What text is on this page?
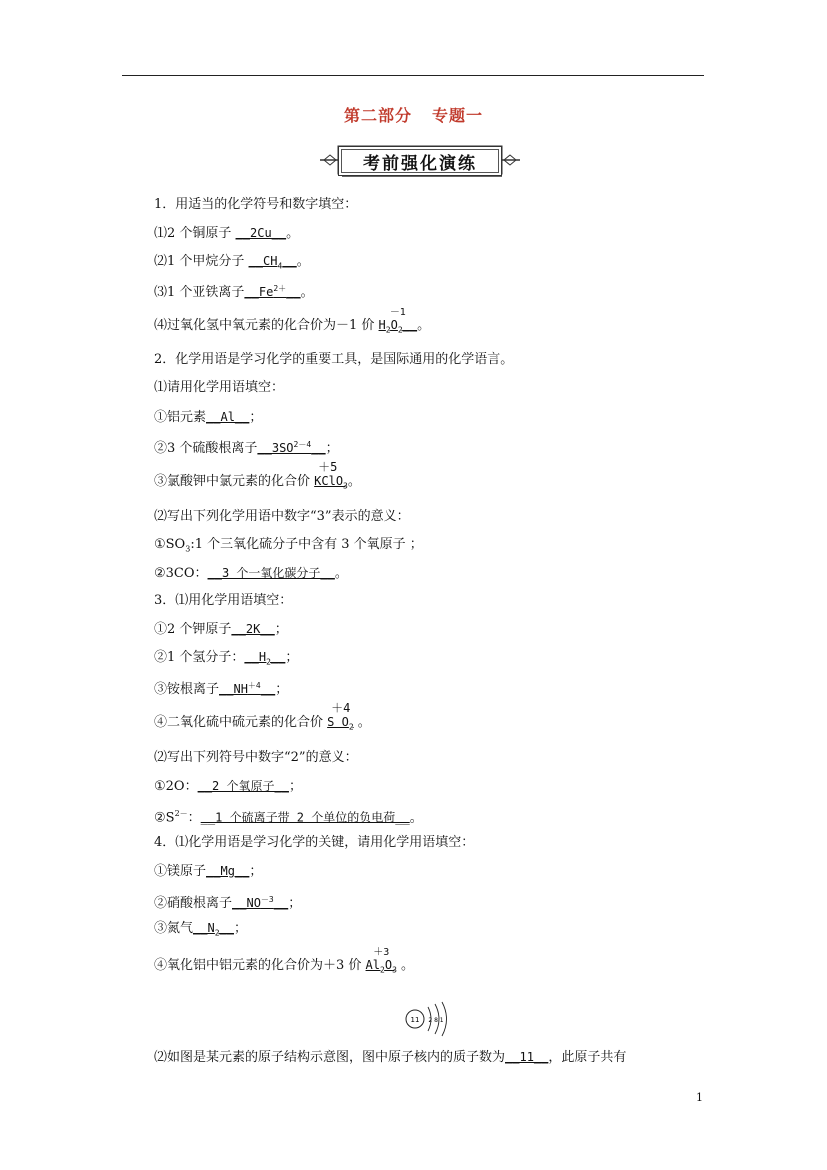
第二部分 专题一
考前强化演练
1．用适当的化学符号和数字填空：
⑴2 个铜原子 __2Cu__。
⑵1 个甲烷分子 $\_\_CH_4\_\_$。
⑶1 个亚铁离子$\_\_Fe^{2+}\_\_$。
⑷过氧化氢中氧元素的化合价为－1 价
－1
$H_2O_2\_\_$。
2．化学用语是学习化学的重要工具，是国际通用的化学语言。
⑴请用化学用语填空：
①铝元素__Al__；
②3 个硫酸根离子$\_\_3SO^{2-4}\_\_$；
③氯酸钾中氯元素的化合价
＋5
KClO$_3$。
⑵写出下列化学用语中数字“3”表示的意义：
$①SO_3:1$ 个三氧化硫分子中含有 3 个氧原子 ；
②3CO：__3 个一氧化碳分子__。
3．⑴用化学用语填空：
①2 个钾原子__2K__；
②1 个氢分子：$\_\_H_2\_\_$；
③铵根离子$\_\_NH^{+4}\_\_$；
④二氧化硫中硫元素的化合价
＋4
S $O_2$ 。
⑵写出下列符号中数字“2”的意义：
①2O：__2 个氧原子__；
$②S^{2-}$：__1 个硫离子带 2 个单位的负电荷__。
4．⑴化学用语是学习化学的关键，请用化学用语填空：
①镁原子__Mg__；
②硝酸根离子$\_\_NO^{-3}\_\_$；
③氮气$\_\_N_2\_\_$；
④氧化铝中铝元素的化合价为＋3 价
＋3
$Al_2O_3$ 。
11 2 8 1
⑵如图是某元素的原子结构示意图，图中原子核内的质子数为__11__，此原子共有
1
